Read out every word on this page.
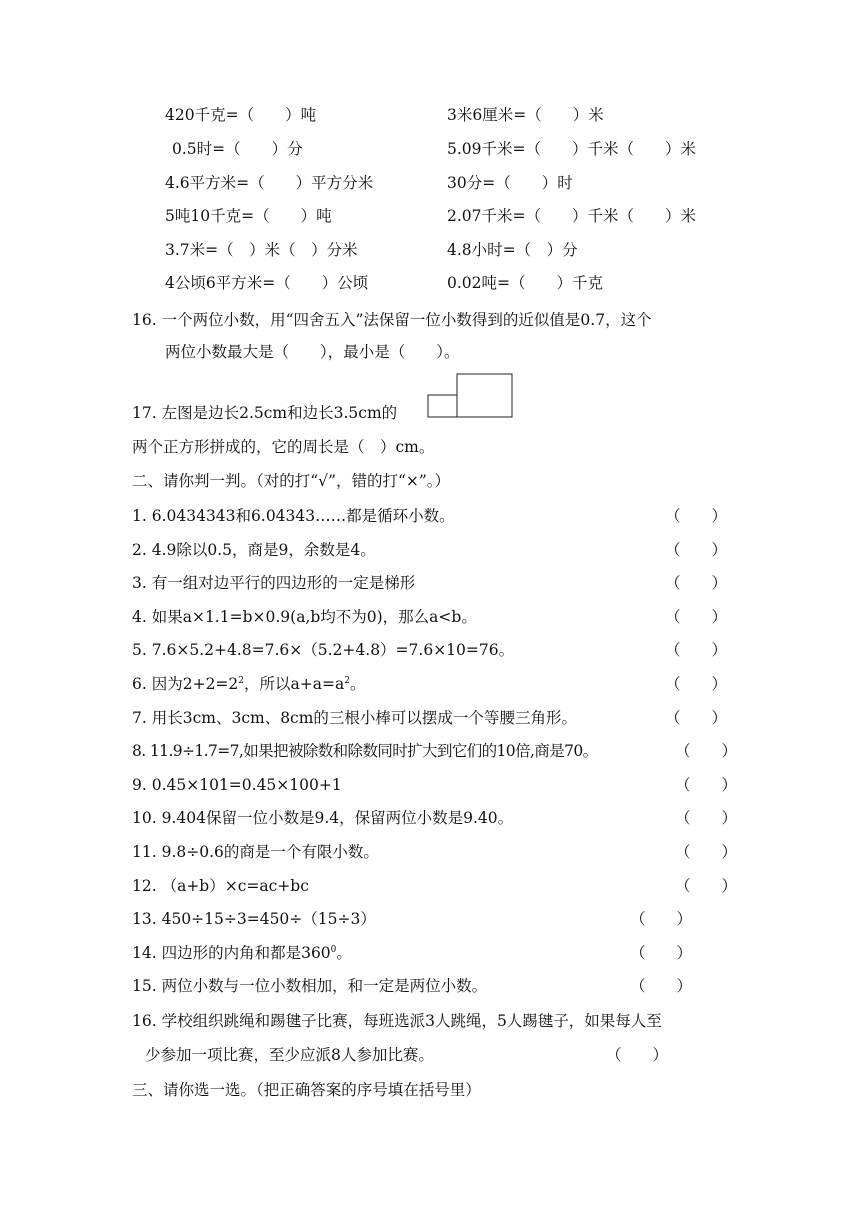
420千克=（　　）吨	3米6厘米=（　　）米
0.5时=（　　）分	5.09千米=（　　）千米（　　）米
4.6平方米=（　　）平方分米	30分=（　　）时
5吨10千克=（　　）吨	2.07千米=（　　）千米（　　）米
3.7米=（　）米（　）分米	4.8小时=（　）分
4公顷6平方米=（　　）公顷	0.02吨=（　　）千克
16. 一个两位小数，用“四舍五入”法保留一位小数得到的近似值是0.7，这个
两位小数最大是（　　），最小是（　　）。
17. 左图是边长2.5cm和边长3.5cm的
两个正方形拼成的，它的周长是（　）cm。
二、请你判一判。（对的打“√”，错的打“×”。）
1. 6.0434343和6.04343……都是循环小数。	（　　）
2. 4.9除以0.5，商是9，余数是4。	（　　）
3. 有一组对边平行的四边形的一定是梯形	（　　）
4. 如果a×1.1=b×0.9(a,b均不为0)，那么a<b。	（　　）
5. 7.6×5.2+4.8=7.6×（5.2+4.8）=7.6×10=76。	（　　）
6. 因为$2+2=2^2$，所以$a+a=a^2$。	（　　）
7. 用长3cm、3cm、8cm的三根小棒可以摆成一个等腰三角形。	（　　）
8. 11.9÷1.7=7,如果把被除数和除数同时扩大到它们的10倍,商是70。	（　　）
9. 0.45×101=0.45×100+1	（　　）
10. 9.404保留一位小数是9.4，保留两位小数是9.40。	（　　）
11. 9.8÷0.6的商是一个有限小数。	（　　）
12. （a+b）×c=ac+bc	（　　）
13. 450÷15÷3=450÷（15÷3）	（　　）
14. 四边形的内角和都是$360^0$。	（　　）
15. 两位小数与一位小数相加，和一定是两位小数。	（　　）
16. 学校组织跳绳和踢毽子比赛，每班选派3人跳绳，5人踢毽子，如果每人至
少参加一项比赛，至少应派8人参加比赛。	（　　）
三、请你选一选。（把正确答案的序号填在括号里）
